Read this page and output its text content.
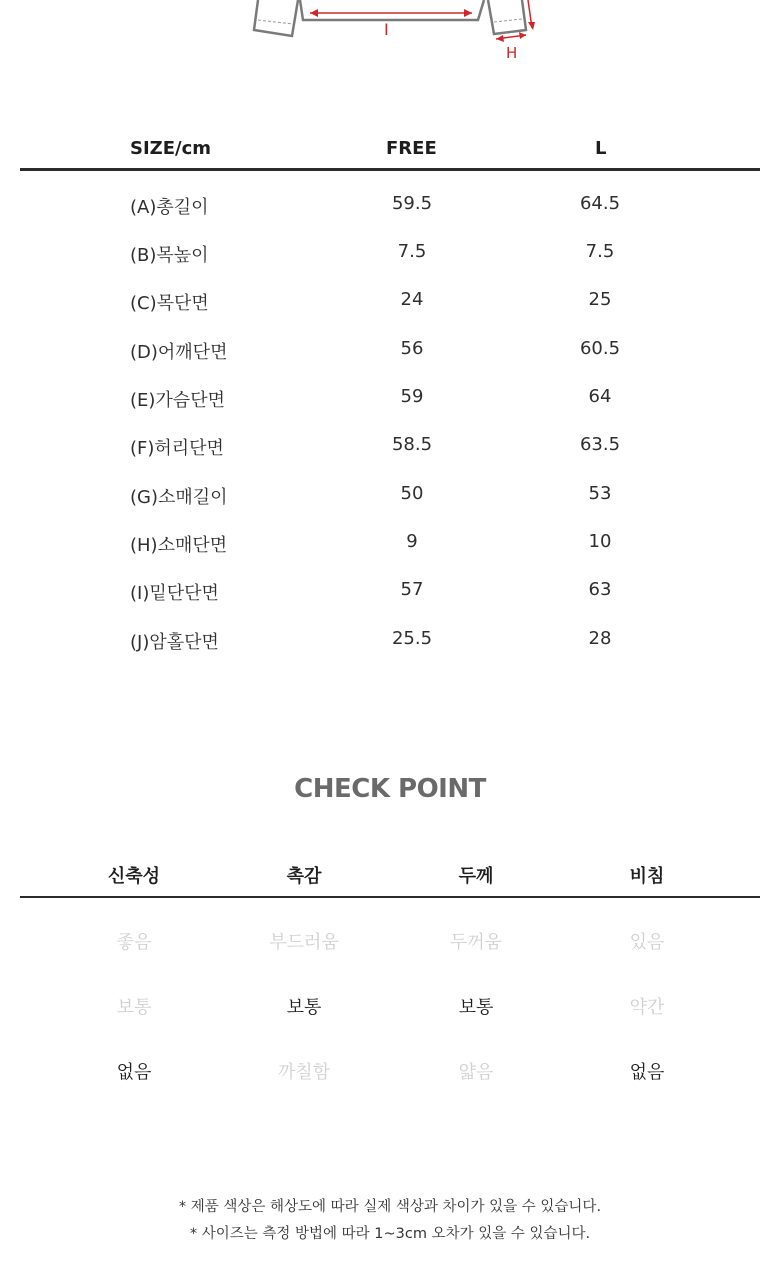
I
H
SIZE/cm	FREE	L
(A)총길이	59.5	64.5
(B)목높이	7.5	7.5
(C)목단면	24	25
(D)어깨단면	56	60.5
(E)가슴단면	59	64
(F)허리단면	58.5	63.5
(G)소매길이	50	53
(H)소매단면	9	10
(I)밑단단면	57	63
(J)암홀단면	25.5	28
CHECK POINT
신축성	촉감	두께	비침
좋음	부드러움	두꺼움	있음
보통	보통	보통	약간
없음	까칠함	얇음	없음
* 제품 색상은 해상도에 따라 실제 색상과 차이가 있을 수 있습니다.
* 사이즈는 측정 방법에 따라 1~3cm 오차가 있을 수 있습니다.
